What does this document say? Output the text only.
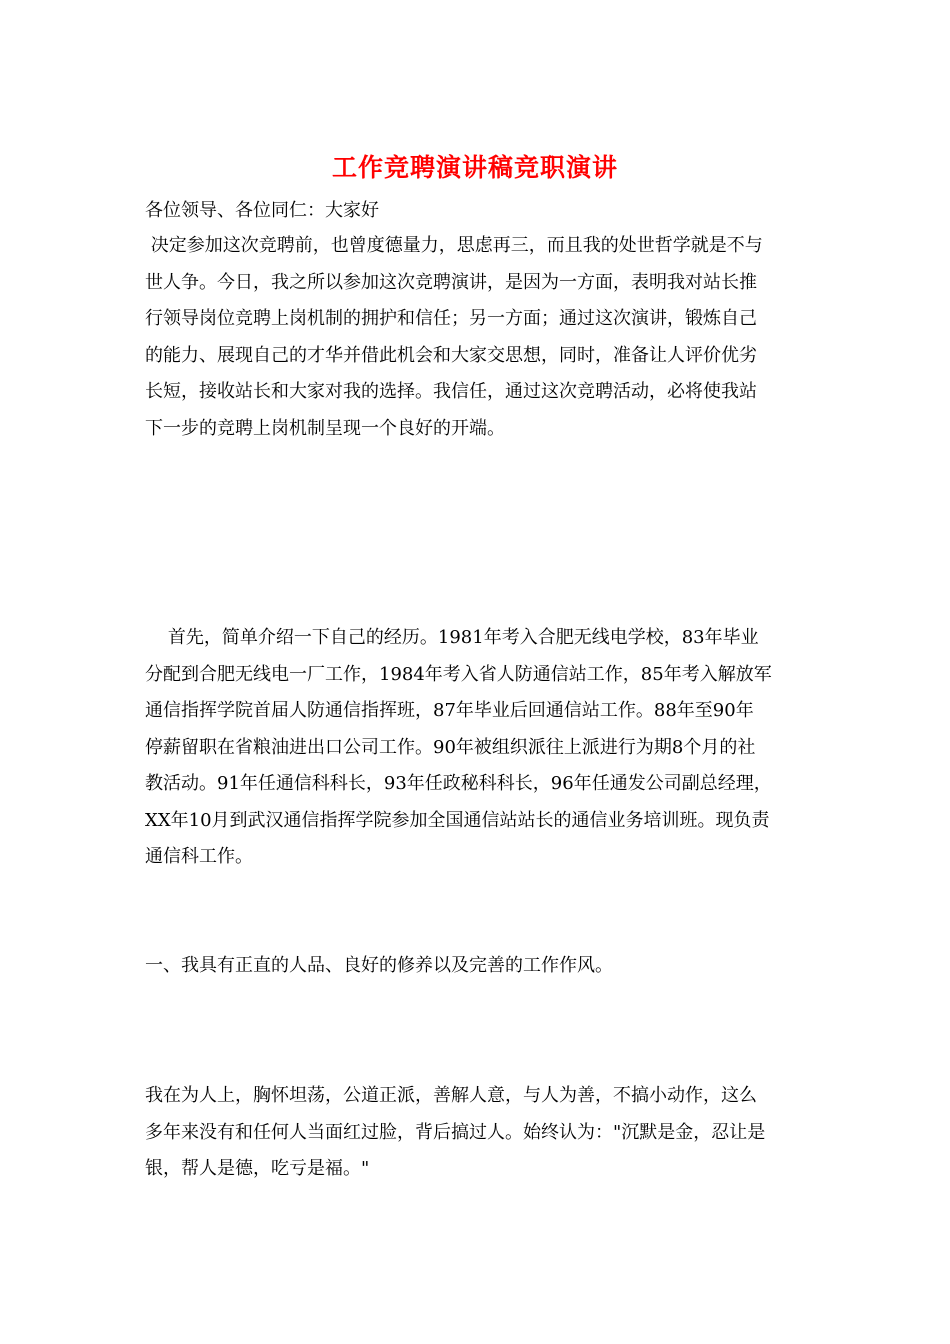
工作竞聘演讲稿竞职演讲
各位领导、各位同仁：大家好
决定参加这次竞聘前，也曾度德量力，思虑再三，而且我的处世哲学就是不与
世人争。今日，我之所以参加这次竞聘演讲，是因为一方面，表明我对站长推
行领导岗位竞聘上岗机制的拥护和信任；另一方面；通过这次演讲，锻炼自己
的能力、展现自己的才华并借此机会和大家交思想，同时，准备让人评价优劣
长短，接收站长和大家对我的选择。我信任，通过这次竞聘活动，必将使我站
下一步的竞聘上岗机制呈现一个良好的开端。
首先，简单介绍一下自己的经历。1981年考入合肥无线电学校，83年毕业
分配到合肥无线电一厂工作，1984年考入省人防通信站工作，85年考入解放军
通信指挥学院首届人防通信指挥班，87年毕业后回通信站工作。88年至90年
停薪留职在省粮油进出口公司工作。90年被组织派往上派进行为期8个月的社
教活动。91年任通信科科长，93年任政秘科科长，96年任通发公司副总经理，
XX年10月到武汉通信指挥学院参加全国通信站站长的通信业务培训班。现负责
通信科工作。
一、我具有正直的人品、良好的修养以及完善的工作作风。
我在为人上，胸怀坦荡，公道正派，善解人意，与人为善，不搞小动作，这么
多年来没有和任何人当面红过脸，背后搞过人。始终认为："沉默是金，忍让是
银，帮人是德，吃亏是福。"
